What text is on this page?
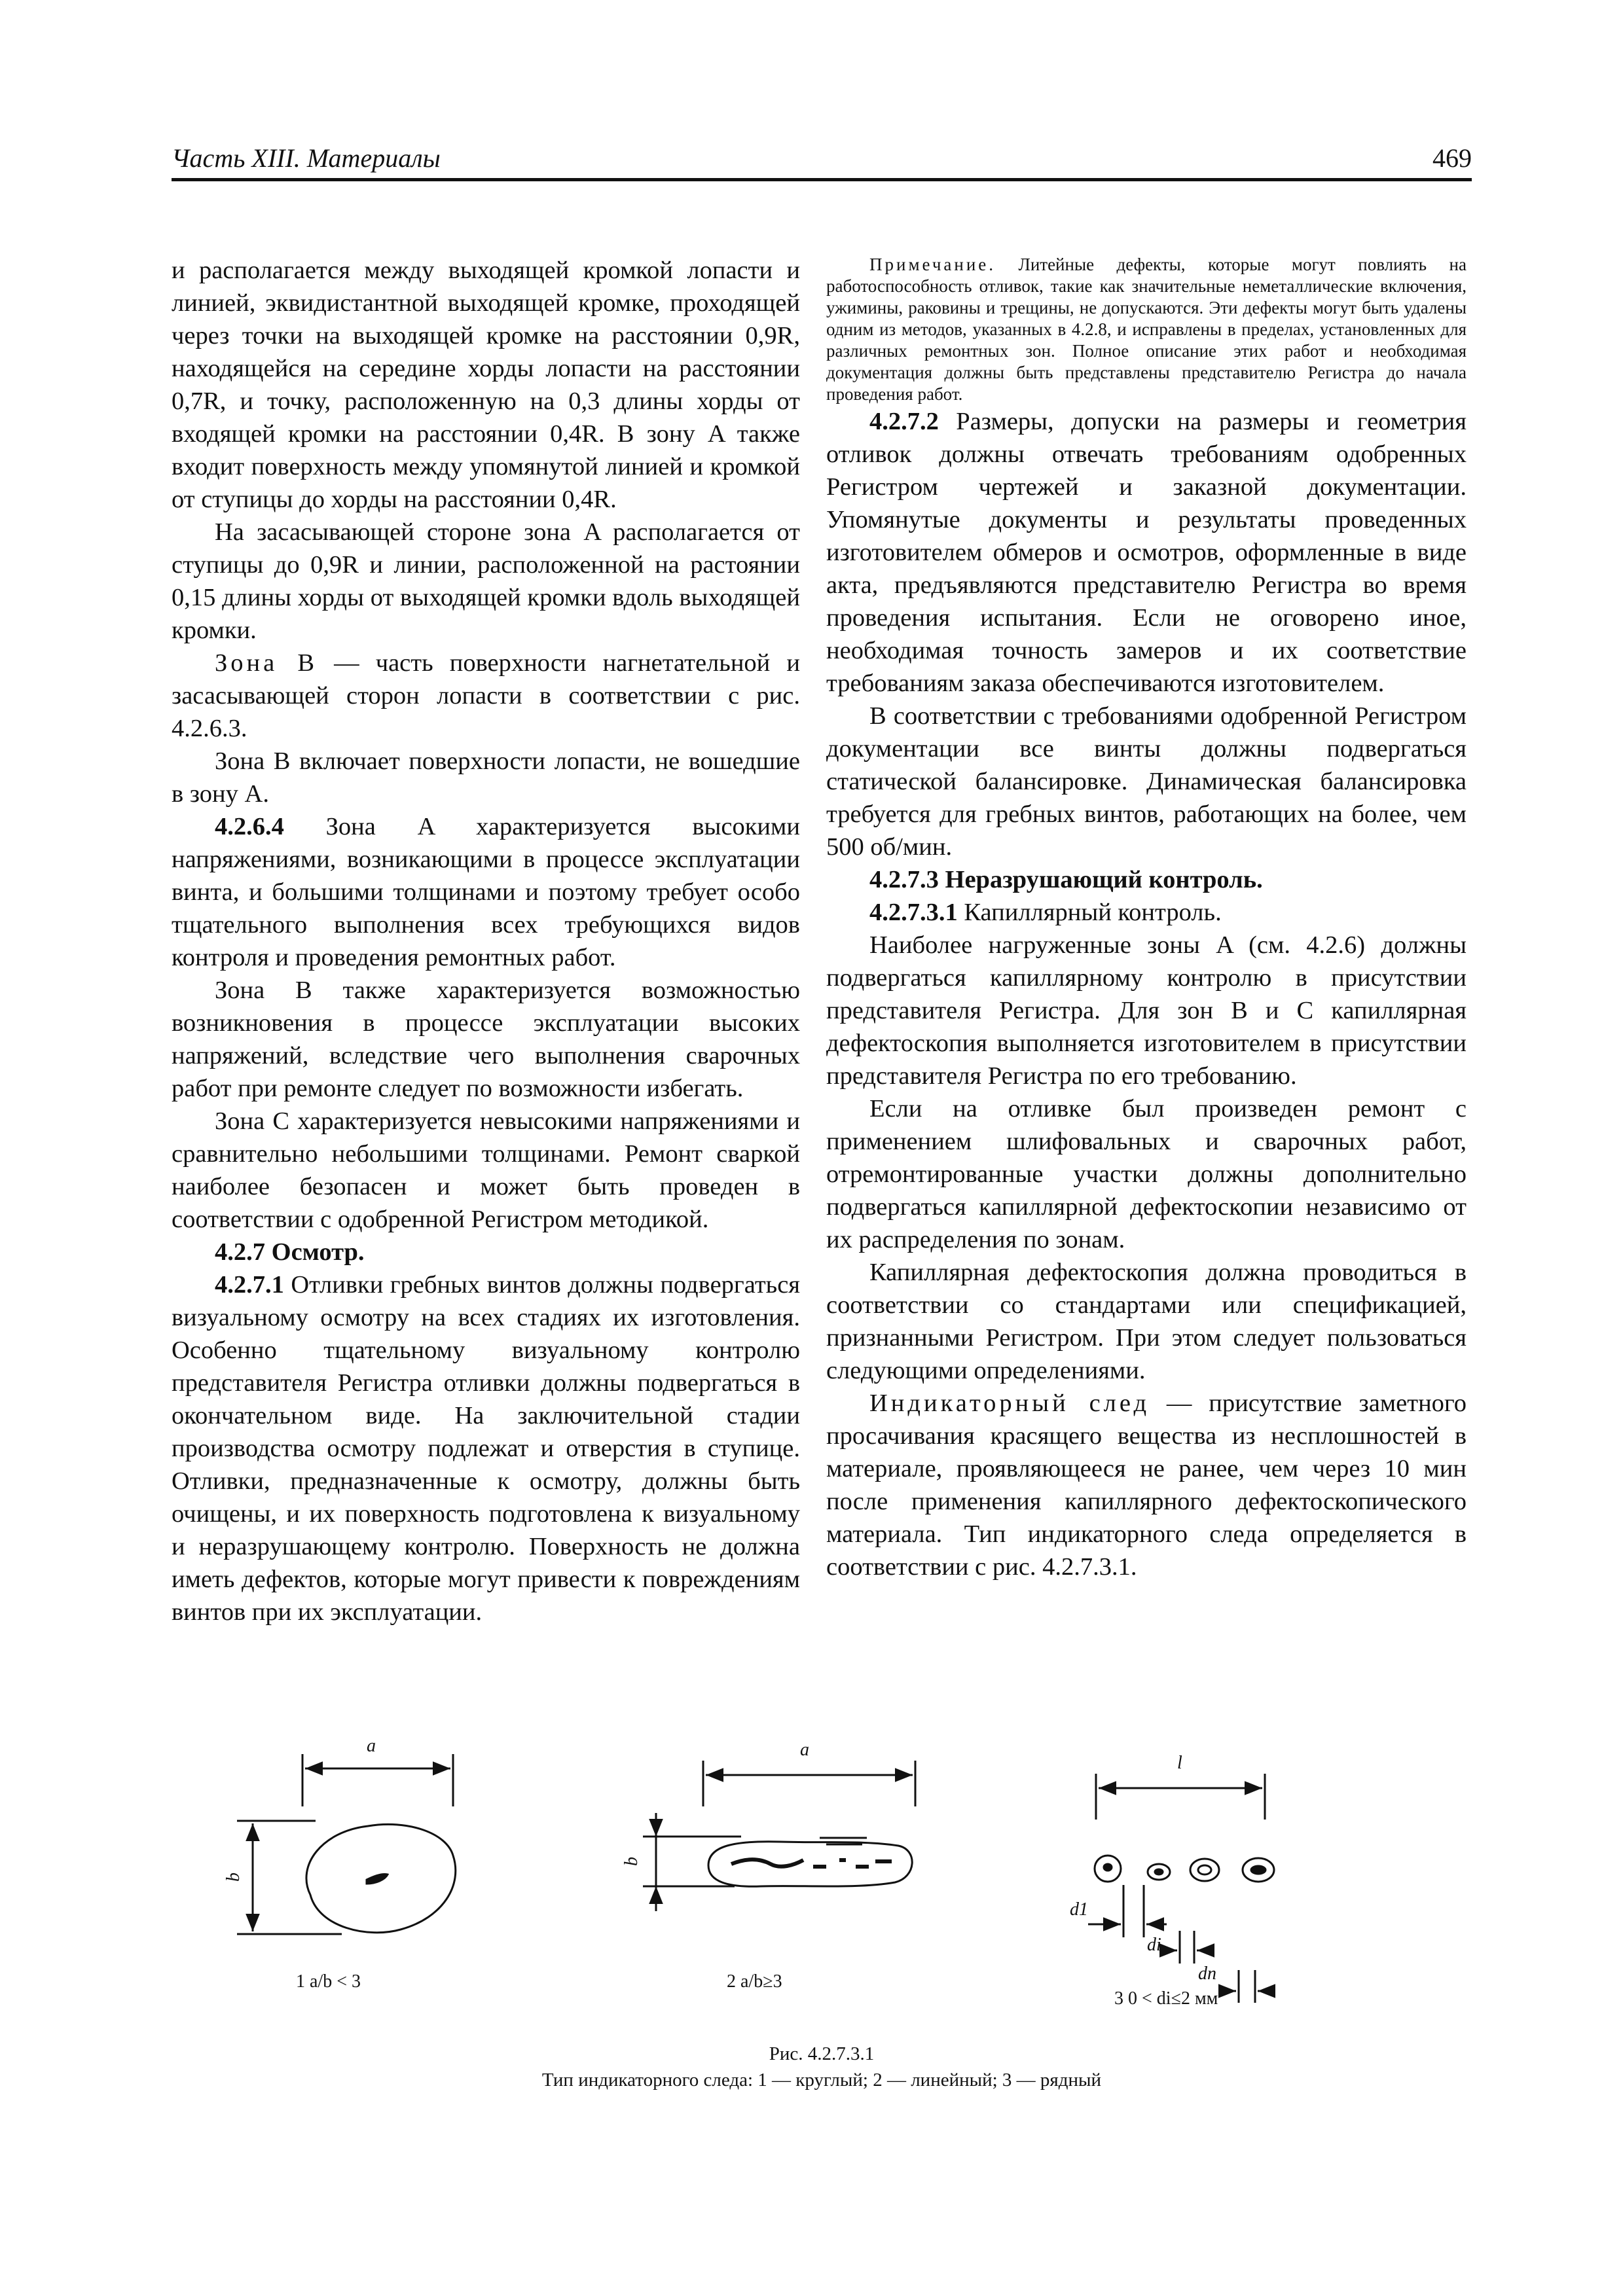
Часть XIII. Материалы	469

и располагается между выходящей кромкой лопасти и линией, эквидистантной выходящей кромке, проходящей через точки на выходящей кромке на расстоянии 0,9R, находящейся на середине хорды лопасти на расстоянии 0,7R, и точку, расположенную на 0,3 длины хорды от входящей кромки на расстоянии 0,4R. В зону A также входит поверхность между упомянутой линией и кромкой от ступицы до хорды на расстоянии 0,4R.

На засасывающей стороне зона A располагается от ступицы до 0,9R и линии, расположенной на растоянии 0,15 длины хорды от выходящей кромки вдоль выходящей кромки.

Зона B — часть поверхности нагнетательной и засасывающей сторон лопасти в соответствии с рис. 4.2.6.3.

Зона B включает поверхности лопасти, не вошедшие в зону A.

4.2.6.4 Зона A характеризуется высокими напряжениями, возникающими в процессе эксплуатации винта, и большими толщинами и поэтому требует особо тщательного выполнения всех требующихся видов контроля и проведения ремонтных работ.

Зона B также характеризуется возможностью возникновения в процессе эксплуатации высоких напряжений, вследствие чего выполнения сварочных работ при ремонте следует по возможности избегать.

Зона C характеризуется невысокими напряжениями и сравнительно небольшими толщинами. Ремонт сваркой наиболее безопасен и может быть проведен в соответствии с одобренной Регистром методикой.

4.2.7 Осмотр.

4.2.7.1 Отливки гребных винтов должны подвергаться визуальному осмотру на всех стадиях их изготовления. Особенно тщательному визуальному контролю представителя Регистра отливки должны подвергаться в окончательном виде. На заключительной стадии производства осмотру подлежат и отверстия в ступице. Отливки, предназначенные к осмотру, должны быть очищены, и их поверхность подготовлена к визуальному и неразрушающему контролю. Поверхность не должна иметь дефектов, которые могут привести к повреждениям винтов при их эксплуатации.

Примечание. Литейные дефекты, которые могут повлиять на работоспособность отливок, такие как значительные неметаллические включения, ужимины, раковины и трещины, не допускаются. Эти дефекты могут быть удалены одним из методов, указанных в 4.2.8, и исправлены в пределах, установленных для различных ремонтных зон. Полное описание этих работ и необходимая документация должны быть представлены представителю Регистра до начала проведения работ.

4.2.7.2 Размеры, допуски на размеры и геометрия отливок должны отвечать требованиям одобренных Регистром чертежей и заказной документации. Упомянутые документы и результаты проведенных изготовителем обмеров и осмотров, оформленные в виде акта, предъявляются представителю Регистра во время проведения испытания. Если не оговорено иное, необходимая точность замеров и их соответствие требованиям заказа обеспечиваются изготовителем.

В соответствии с требованиями одобренной Регистром документации все винты должны подвергаться статической балансировке. Динамическая балансировка требуется для гребных винтов, работающих на более, чем 500 об/мин.

4.2.7.3 Неразрушающий контроль.

4.2.7.3.1 Капиллярный контроль.

Наиболее нагруженные зоны A (см. 4.2.6) должны подвергаться капиллярному контролю в присутствии представителя Регистра. Для зон B и C капиллярная дефектоскопия выполняется изготовителем в присутствии представителя Регистра по его требованию.

Если на отливке был произведен ремонт с применением шлифовальных и сварочных работ, отремонтированные участки должны дополнительно подвергаться капиллярной дефектоскопии независимо от их распределения по зонам.

Капиллярная дефектоскопия должна проводиться в соответствии со стандартами или спецификацией, признанными Регистром. При этом следует пользоваться следующими определениями.

Индикаторный след — присутствие заметного просачивания красящего вещества из несплошностей в материале, проявляющееся не ранее, чем через 10 мин после применения капиллярного дефектоскопического материала. Тип индикаторного следа определяется в соответствии с рис. 4.2.7.3.1.

a
b
1 a/b < 3
a
b
2 a/b≥3
l
d1
di
dn
3 0 < di≤2 мм
Рис. 4.2.7.3.1
Тип индикаторного следа: 1 — круглый; 2 — линейный; 3 — рядный
